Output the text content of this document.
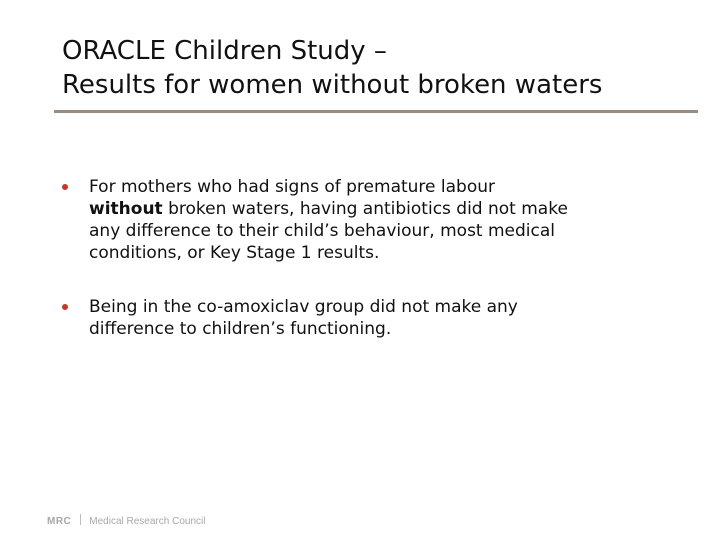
ORACLE Children Study –
Results for women without broken waters
For mothers who had signs of premature labour
without broken waters, having antibiotics did not make
any difference to their child’s behaviour, most medical
conditions, or Key Stage 1 results.
Being in the co-amoxiclav group did not make any
difference to children’s functioning.
MRC Medical Research Council
